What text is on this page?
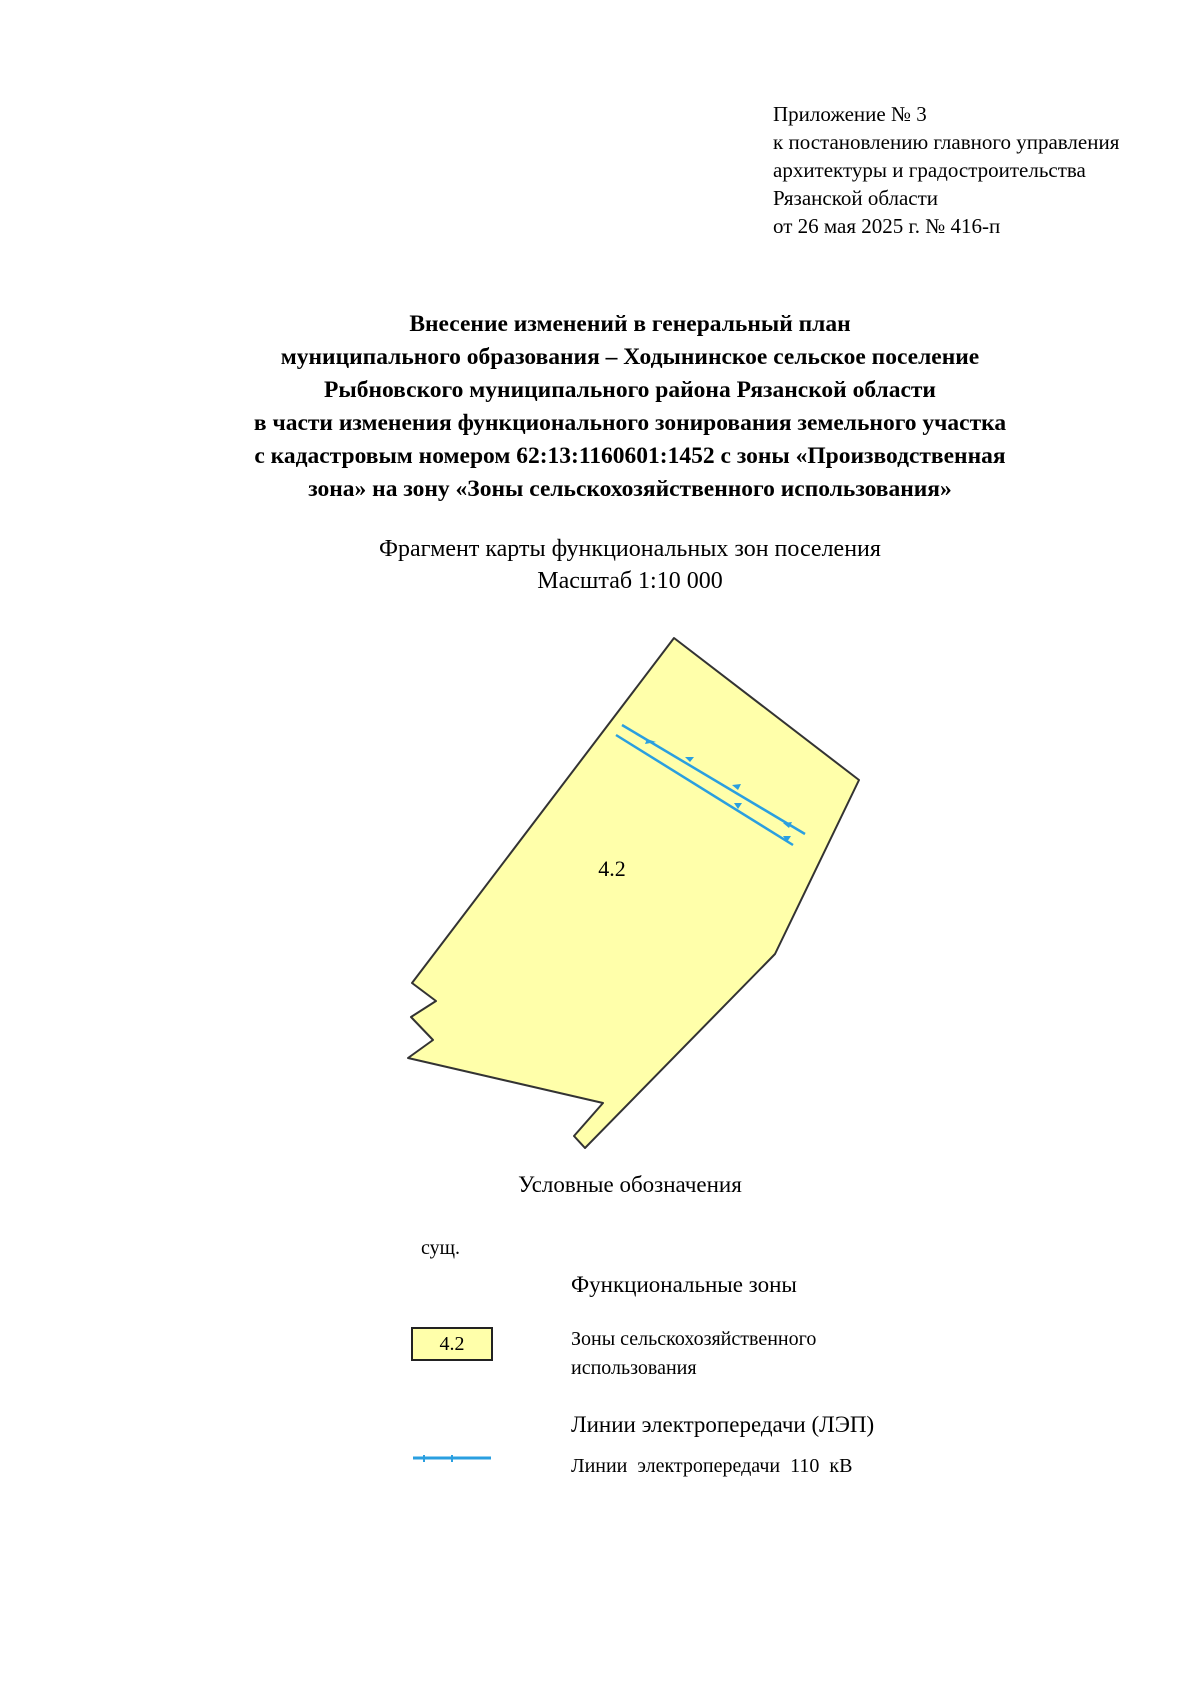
Приложение № 3
к постановлению главного управления
архитектуры и градостроительства
Рязанской области
от 26 мая 2025 г. № 416-п
Внесение изменений в генеральный план
муниципального образования – Ходынинское сельское поселение
Рыбновского муниципального района Рязанской области
в части изменения функционального зонирования земельного участка
с кадастровым номером 62:13:1160601:1452 с зоны «Производственная
зона» на зону «Зоны сельскохозяйственного использования»
Фрагмент карты функциональных зон поселения
Масштаб 1:10 000
4.2
Условные обозначения
сущ.
Функциональные зоны
4.2	Зоны сельскохозяйственного
использования
Линии электропередачи (ЛЭП)
Линии электропередачи 110 кВ
